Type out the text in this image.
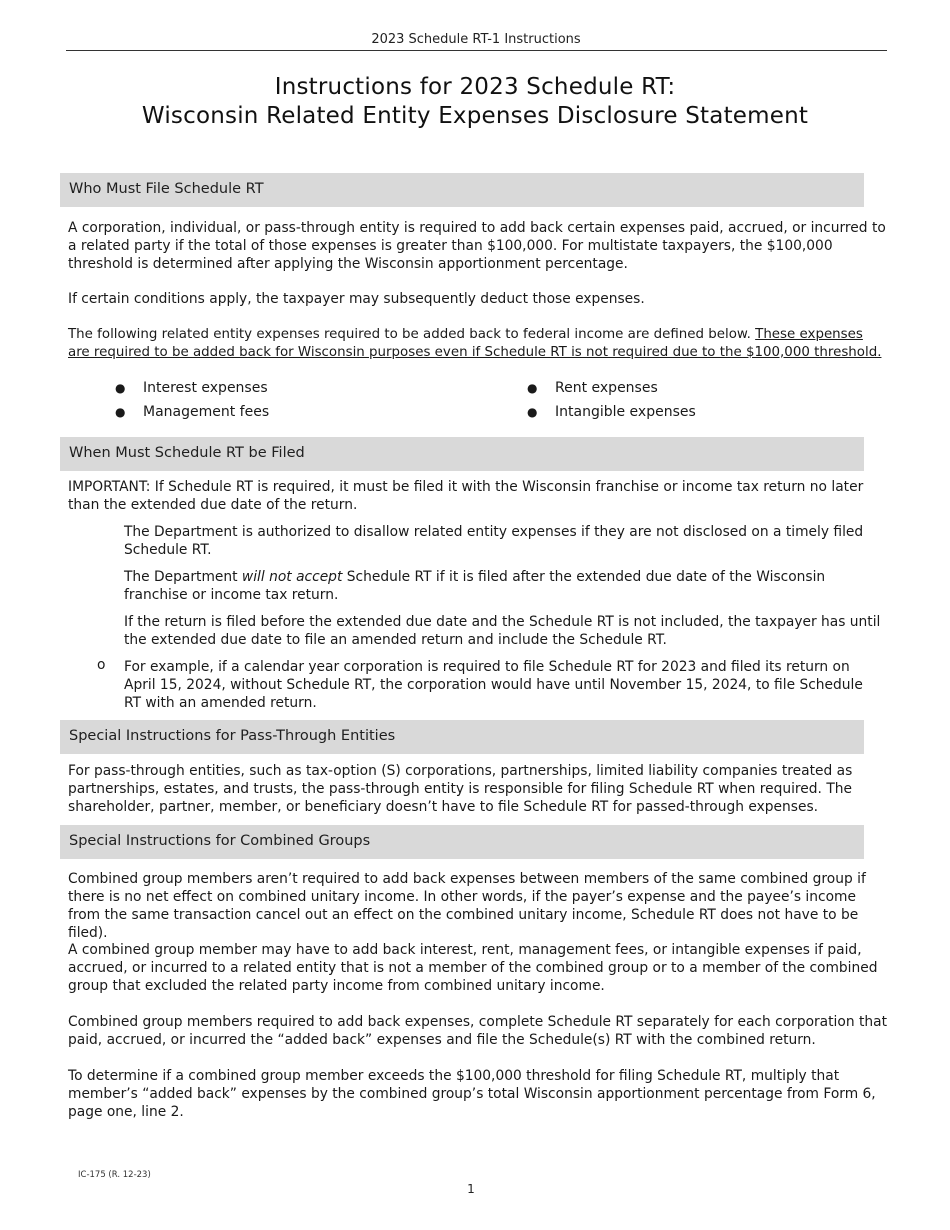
2023 Schedule RT-1 Instructions
Instructions for 2023 Schedule RT:
Wisconsin Related Entity Expenses Disclosure Statement
Who Must File Schedule RT
A corporation, individual, or pass-through entity is required to add back certain expenses paid, accrued, or incurred to a related party if the total of those expenses is greater than $100,000. For multistate taxpayers, the $100,000 threshold is determined after applying the Wisconsin apportionment percentage.
If certain conditions apply, the taxpayer may subsequently deduct those expenses.
The following related entity expenses required to be added back to federal income are defined below. These expenses are required to be added back for Wisconsin purposes even if Schedule RT is not required due to the $100,000 threshold.
● Interest expenses
● Management fees
● Rent expenses
● Intangible expenses
When Must Schedule RT be Filed
IMPORTANT: If Schedule RT is required, it must be filed it with the Wisconsin franchise or income tax return no later than the extended due date of the return.
The Department is authorized to disallow related entity expenses if they are not disclosed on a timely filed Schedule RT.
The Department will not accept Schedule RT if it is filed after the extended due date of the Wisconsin franchise or income tax return.
If the return is filed before the extended due date and the Schedule RT is not included, the taxpayer has until the extended due date to file an amended return and include the Schedule RT.
o For example, if a calendar year corporation is required to file Schedule RT for 2023 and filed its return on April 15, 2024, without Schedule RT, the corporation would have until November 15, 2024, to file Schedule RT with an amended return.
Special Instructions for Pass-Through Entities
For pass-through entities, such as tax-option (S) corporations, partnerships, limited liability companies treated as partnerships, estates, and trusts, the pass-through entity is responsible for filing Schedule RT when required. The shareholder, partner, member, or beneficiary doesn’t have to file Schedule RT for passed-through expenses.
Special Instructions for Combined Groups
Combined group members aren’t required to add back expenses between members of the same combined group if there is no net effect on combined unitary income. In other words, if the payer’s expense and the payee’s income from the same transaction cancel out an effect on the combined unitary income, Schedule RT does not have to be filed).
A combined group member may have to add back interest, rent, management fees, or intangible expenses if paid, accrued, or incurred to a related entity that is not a member of the combined group or to a member of the combined group that excluded the related party income from combined unitary income.
Combined group members required to add back expenses, complete Schedule RT separately for each corporation that paid, accrued, or incurred the “added back” expenses and file the Schedule(s) RT with the combined return.
To determine if a combined group member exceeds the $100,000 threshold for filing Schedule RT, multiply that member’s “added back” expenses by the combined group’s total Wisconsin apportionment percentage from Form 6, page one, line 2.
IC-175 (R. 12-23)
1
